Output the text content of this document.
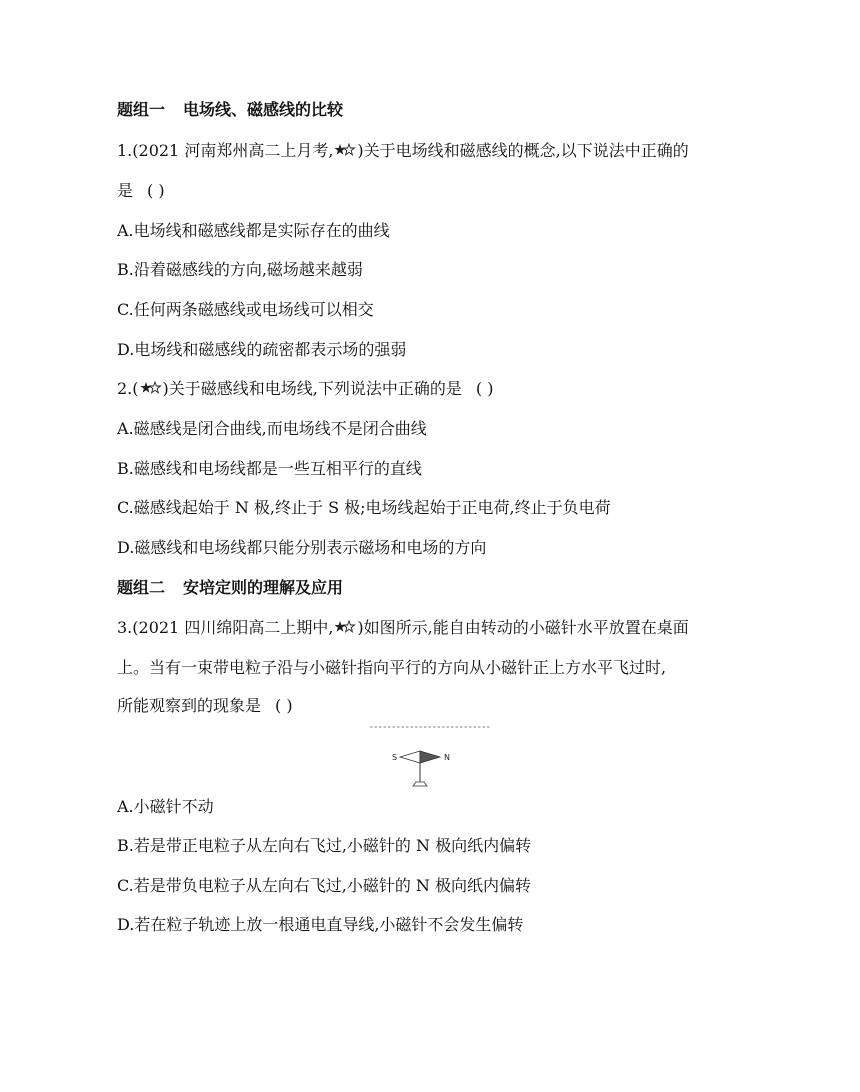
题组一 电场线、磁感线的比较
1.(2021 河南郑州高二上月考, )关于电场线和磁感线的概念,以下说法中正确的
是 ( )
A.电场线和磁感线都是实际存在的曲线
B.沿着磁感线的方向,磁场越来越弱
C.任何两条磁感线或电场线可以相交
D.电场线和磁感线的疏密都表示场的强弱
2.( )关于磁感线和电场线,下列说法中正确的是 ( )
A.磁感线是闭合曲线,而电场线不是闭合曲线
B.磁感线和电场线都是一些互相平行的直线
C.磁感线起始于 N 极,终止于 S 极;电场线起始于正电荷,终止于负电荷
D.磁感线和电场线都只能分别表示磁场和电场的方向
题组二 安培定则的理解及应用
3.(2021 四川绵阳高二上期中, )如图所示,能自由转动的小磁针水平放置在桌面
上。当有一束带电粒子沿与小磁针指向平行的方向从小磁针正上方水平飞过时,
所能观察到的现象是 ( )
S	N
A.小磁针不动
B.若是带正电粒子从左向右飞过,小磁针的 N 极向纸内偏转
C.若是带负电粒子从左向右飞过,小磁针的 N 极向纸内偏转
D.若在粒子轨迹上放一根通电直导线,小磁针不会发生偏转
